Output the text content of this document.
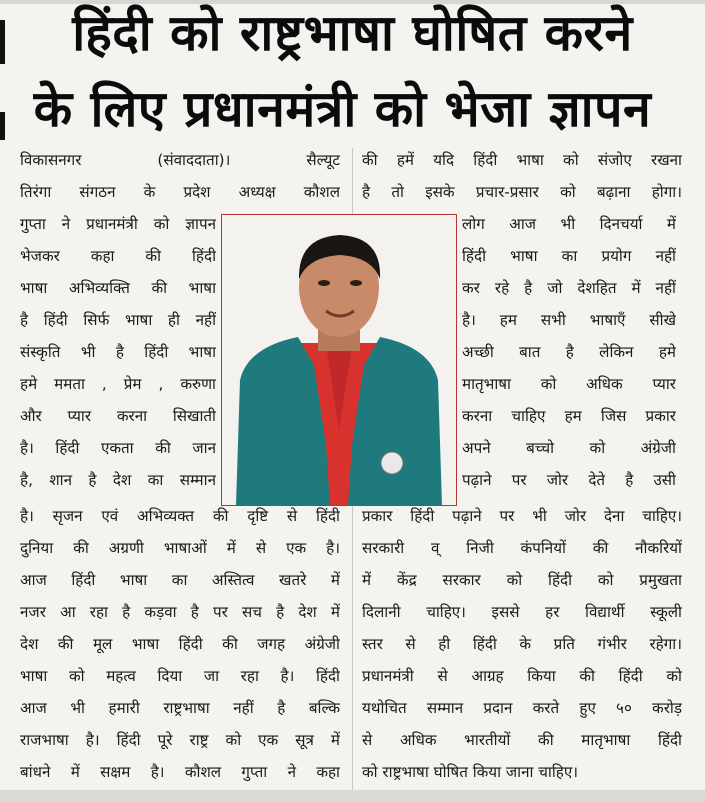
हिंदी को राष्ट्रभाषा घोषित करने
के लिए प्रधानमंत्री को भेजा ज्ञापन
विकासनगर (संवाददाता)। सैल्यूट
तिरंगा संगठन के प्रदेश अध्यक्ष कौशल
गुप्ता ने प्रधानमंत्री को ज्ञापन
भेजकर कहा की हिंदी
भाषा अभिव्यक्ति की भाषा
है हिंदी सिर्फ भाषा ही नहीं
संस्कृति भी है हिंदी भाषा
हमे ममता , प्रेम , करुणा
और प्यार करना सिखाती
है। हिंदी एकता की जान
है, शान है देश का सम्मान
है। सृजन एवं अभिव्यक्त की दृष्टि से हिंदी
दुनिया की अग्रणी भाषाओं में से एक है।
आज हिंदी भाषा का अस्तित्व खतरे में
नजर आ रहा है कड़वा है पर सच है देश में
देश की मूल भाषा हिंदी की जगह अंग्रेजी
भाषा को महत्व दिया जा रहा है। हिंदी
आज भी हमारी राष्ट्रभाषा नहीं है बल्कि
राजभाषा है। हिंदी पूरे राष्ट्र को एक सूत्र में
बांधने में सक्षम है। कौशल गुप्ता ने कहा
की हमें यदि हिंदी भाषा को संजोए रखना
है तो इसके प्रचार-प्रसार को बढ़ाना होगा।
लोग आज भी दिनचर्या में
हिंदी भाषा का प्रयोग नहीं
कर रहे है जो देशहित में नहीं
है। हम सभी भाषाएँ सीखे
अच्छी बात है लेकिन हमे
मातृभाषा को अधिक प्यार
करना चाहिए हम जिस प्रकार
अपने बच्चो को अंग्रेजी
पढ़ाने पर जोर देते है उसी
प्रकार हिंदी पढ़ाने पर भी जोर देना चाहिए।
सरकारी व् निजी कंपनियों की नौकरियों
में केंद्र सरकार को हिंदी को प्रमुखता
दिलानी चाहिए। इससे हर विद्यार्थी स्कूली
स्तर से ही हिंदी के प्रति गंभीर रहेगा।
प्रधानमंत्री से आग्रह किया की हिंदी को
यथोचित सम्मान प्रदान करते हुए ५० करोड़
से अधिक भारतीयों की मातृभाषा हिंदी
को राष्ट्रभाषा घोषित किया जाना चाहिए।
